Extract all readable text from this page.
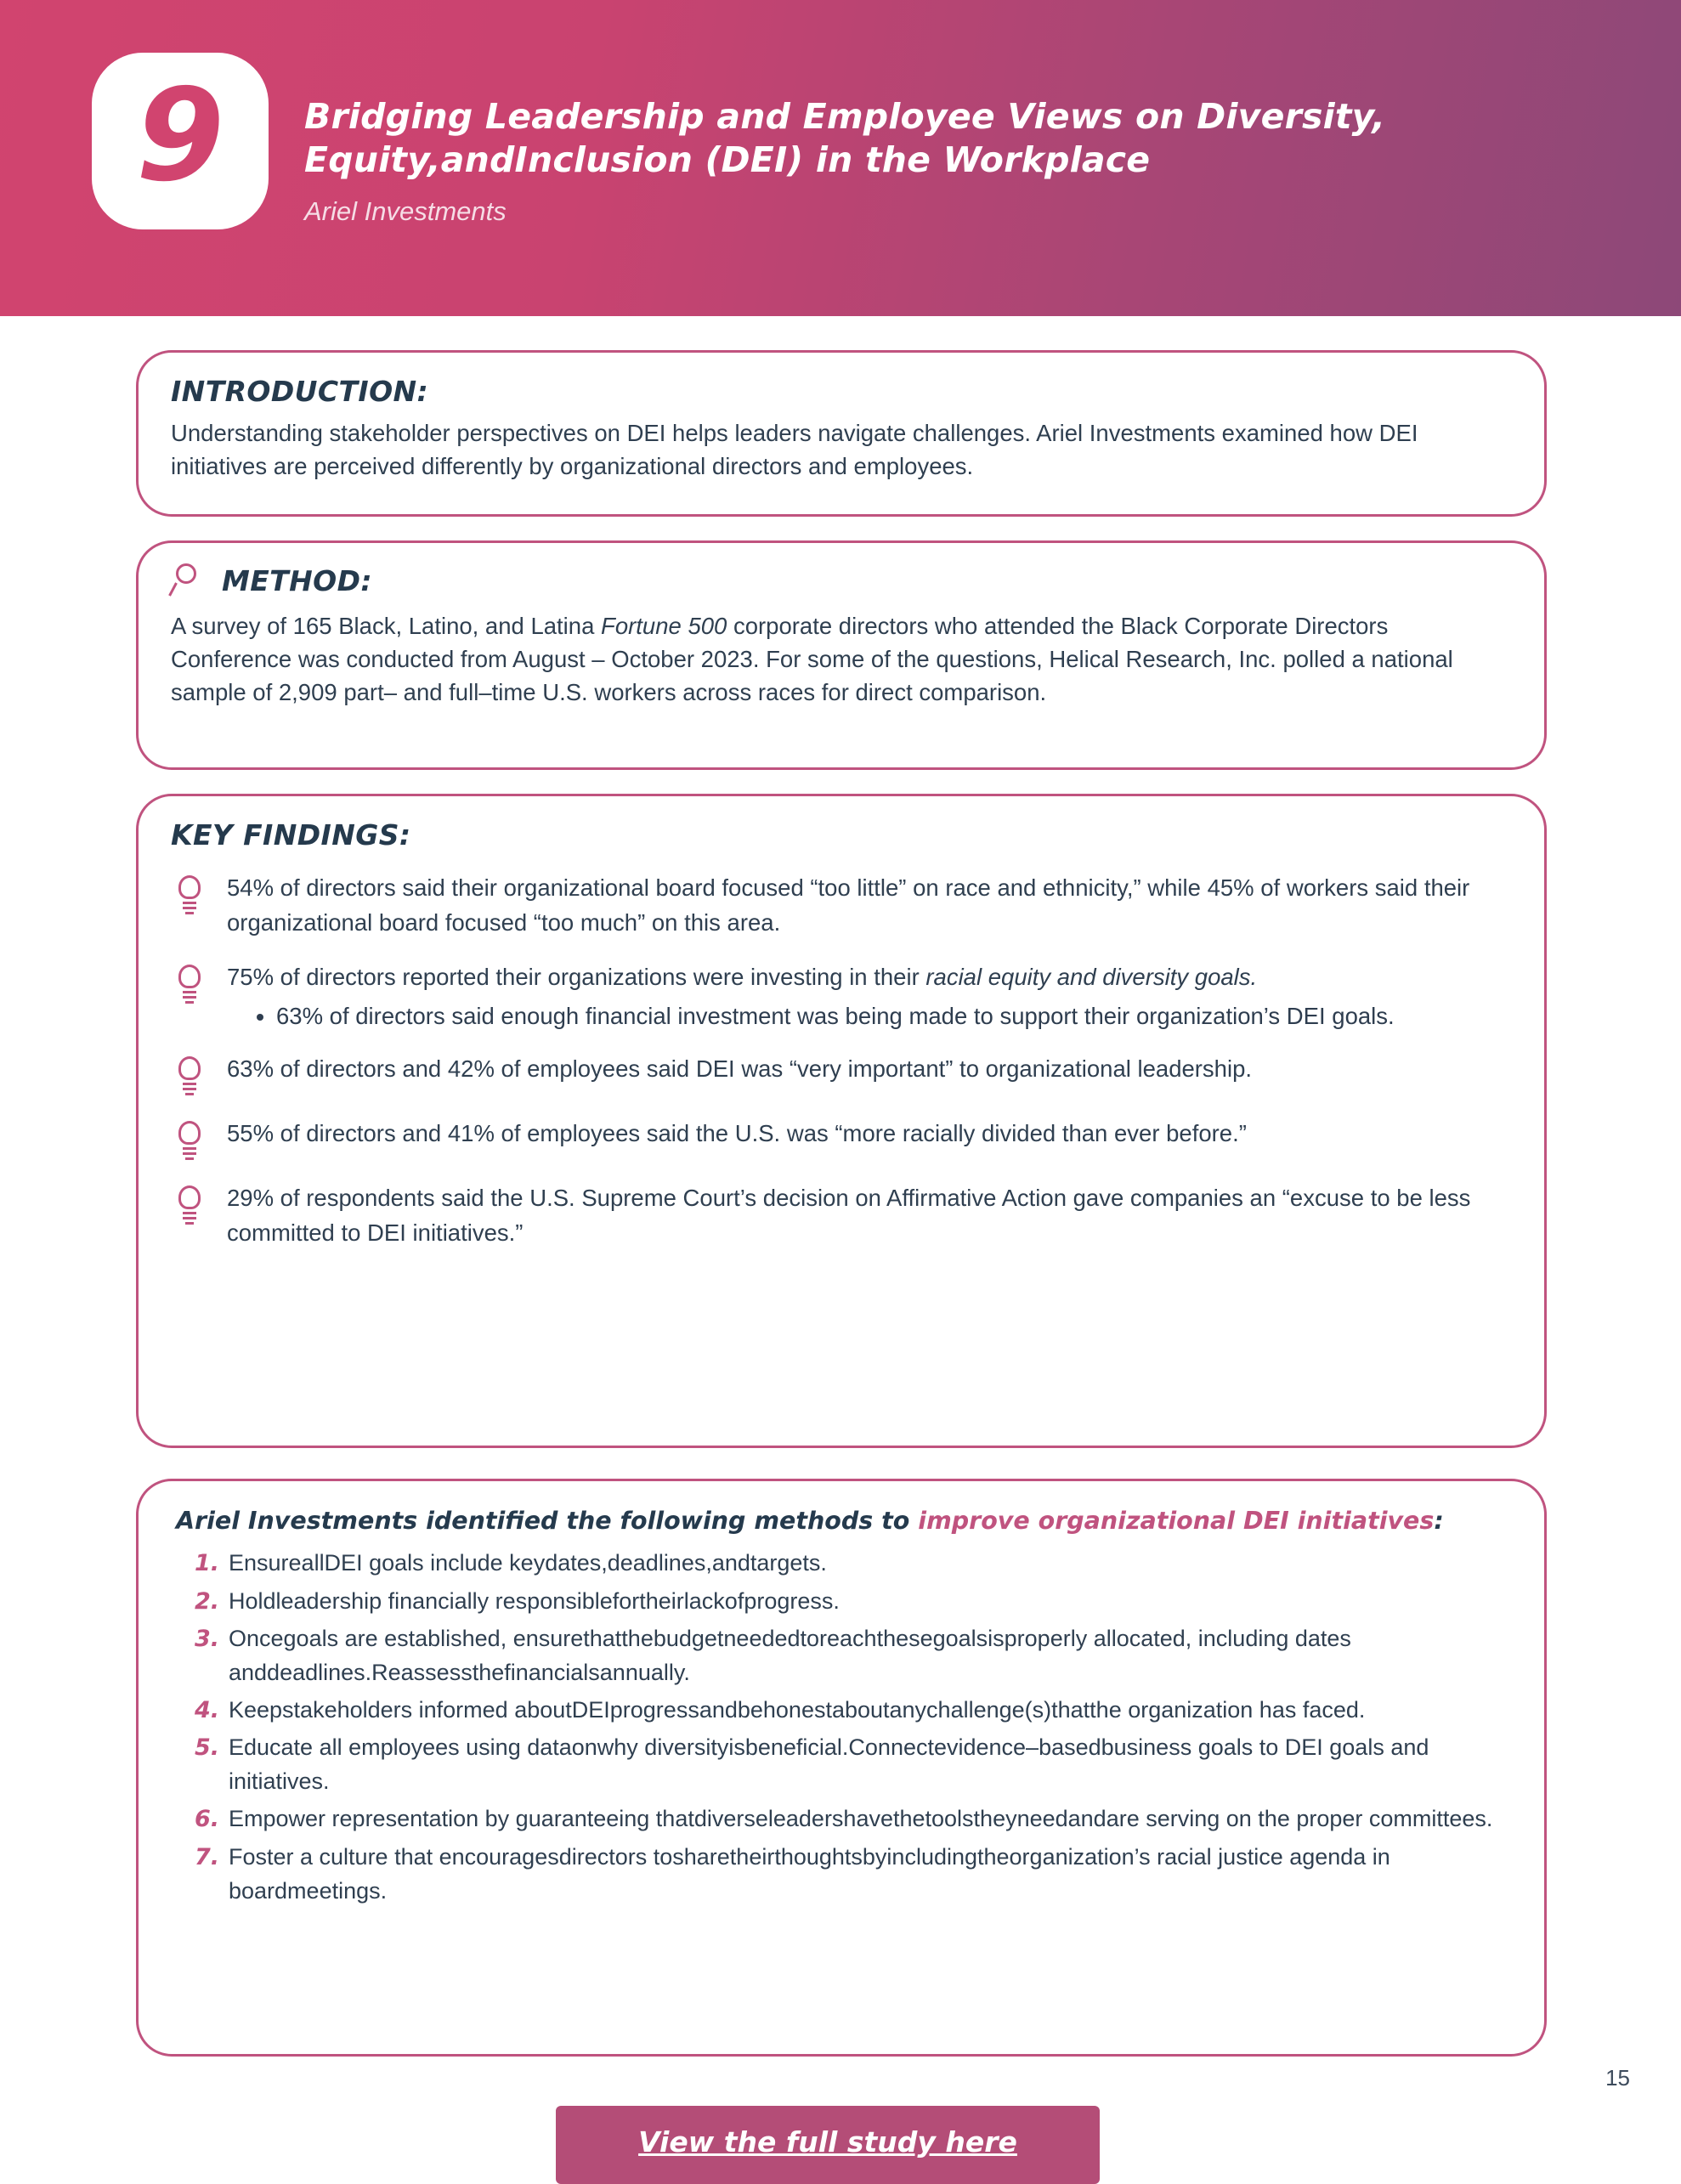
9	Bridging Leadership and Employee Views on Diversity, Equity,andInclusion (DEI) in the Workplace
Ariel Investments
INTRODUCTION:
Understanding stakeholder perspectives on DEI helps leaders navigate challenges. Ariel Investments examined how DEI initiatives are perceived differently by organizational directors and employees.
METHOD:
A survey of 165 Black, Latino, and Latina Fortune 500 corporate directors who attended the Black Corporate Directors Conference was conducted from August – October 2023. For some of the questions, Helical Research, Inc. polled a national sample of 2,909 part– and full–time U.S. workers across races for direct comparison.
KEY FINDINGS:
54% of directors said their organizational board focused “too little” on race and ethnicity,” while 45% of workers said their organizational board focused “too much” on this area.
75% of directors reported their organizations were investing in their racial equity and diversity goals.
• 63% of directors said enough financial investment was being made to support their organization’s DEI goals.
63% of directors and 42% of employees said DEI was “very important” to organizational leadership.
55% of directors and 41% of employees said the U.S. was “more racially divided than ever before.”
29% of respondents said the U.S. Supreme Court’s decision on Affirmative Action gave companies an “excuse to be less committed to DEI initiatives.”
Ariel Investments identified the following methods to improve organizational DEI initiatives:
1. EnsureallDEI goals include keydates,deadlines,andtargets.
2. Holdleadership financially responsiblefortheirlackofprogress.
3. Oncegoals are established, ensurethatthebudgetneededtoreachthesegoalsisproperly allocated, including dates anddeadlines.Reassessthefinancialsannually.
4. Keepstakeholders informed aboutDEIprogressandbehonestaboutanychallenge(s)thatthe organization has faced.
5. Educate all employees using dataonwhy diversityisbeneficial.Connectevidence–basedbusiness goals to DEI goals and initiatives.
6. Empower representation by guaranteeing thatdiverseleadershavethetoolstheyneedandare serving on the proper committees.
7. Foster a culture that encouragesdirectors tosharetheirthoughtsbyincludingtheorganization’s racial justice agenda in boardmeetings.
15
View the full study here
